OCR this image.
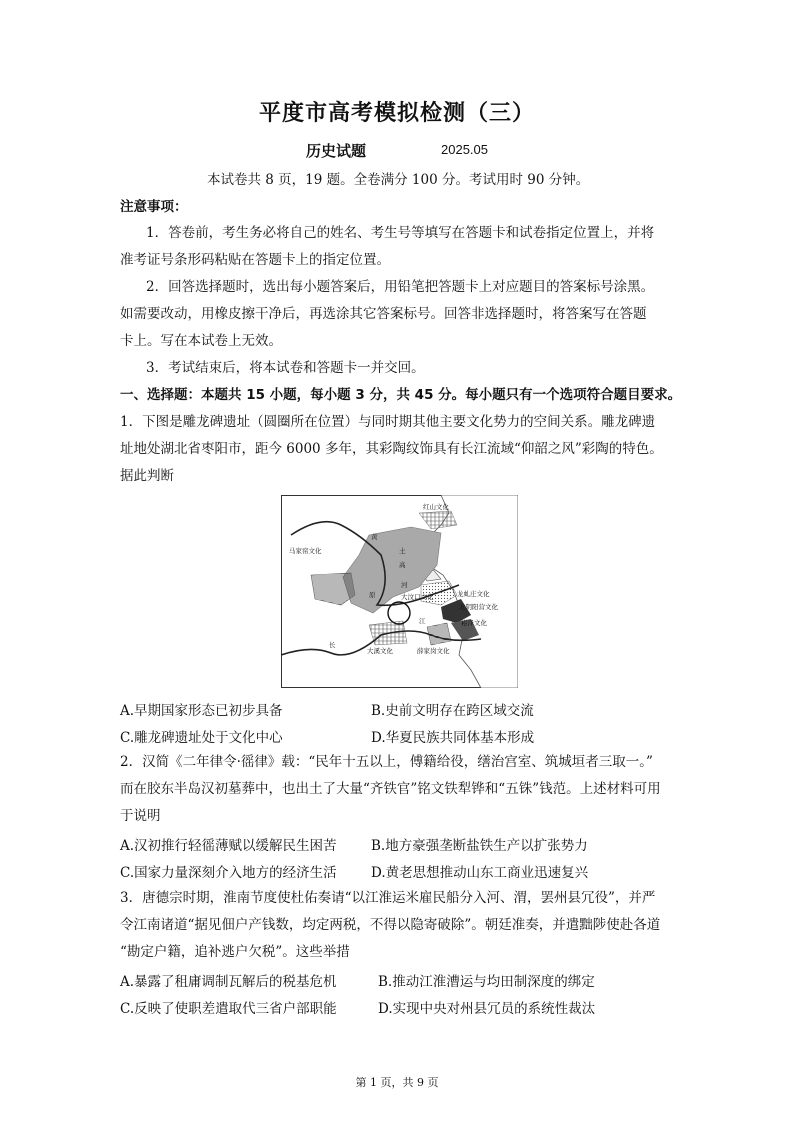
平度市高考模拟检测（三）
历史试题	2025.05
本试卷共 8 页，19 题。全卷满分 100 分。考试用时 90 分钟。
注意事项：
1．答卷前，考生务必将自己的姓名、考生号等填写在答题卡和试卷指定位置上，并将
准考证号条形码粘贴在答题卡上的指定位置。
2．回答选择题时，选出每小题答案后，用铅笔把答题卡上对应题目的答案标号涂黑。
如需要改动，用橡皮擦干净后，再选涂其它答案标号。回答非选择题时，将答案写在答题
卡上。写在本试卷上无效。
3．考试结束后，将本试卷和答题卡一并交回。
一、选择题：本题共 15 小题，每小题 3 分，共 45 分。每小题只有一个选项符合题目要求。
1．下图是雕龙碑遗址（圆圈所在位置）与同时期其他主要文化势力的空间关系。雕龙碑遗
址地处湖北省枣阳市，距今 6000 多年，其彩陶纹饰具有长江流域“仰韶之风”彩陶的特色。
据此判断
红山文化
马家窑文化
黄
土
高
原
河
大汶口文化	龙虬庄文化
北阴阳营文化
崧泽文化
大溪文化	薛家岗文化
长
江
A.早期国家形态已初步具备	B.史前文明存在跨区域交流
C.雕龙碑遗址处于文化中心	D.华夏民族共同体基本形成
2．汉简《二年律令·徭律》载：“民年十五以上，傅籍给役，缮治宫室、筑城垣者三取一。”
而在胶东半岛汉初墓葬中，也出土了大量“齐铁官”铭文铁犁铧和“五铢”钱范。上述材料可用
于说明
A.汉初推行轻徭薄赋以缓解民生困苦	B.地方豪强垄断盐铁生产以扩张势力
C.国家力量深刻介入地方的经济生活	D.黄老思想推动山东工商业迅速复兴
3．唐德宗时期，淮南节度使杜佑奏请“以江淮运米雇民船分入河、渭，罢州县冗役”，并严
令江南诸道“据见佃户产钱数，均定两税，不得以隐寄破除”。朝廷准奏，并遣黜陟使赴各道
“勘定户籍，追补逃户欠税”。这些举措
A.暴露了租庸调制瓦解后的税基危机	B.推动江淮漕运与均田制深度的绑定
C.反映了使职差遣取代三省户部职能	D.实现中央对州县冗员的系统性裁汰
第 1 页，共 9 页
